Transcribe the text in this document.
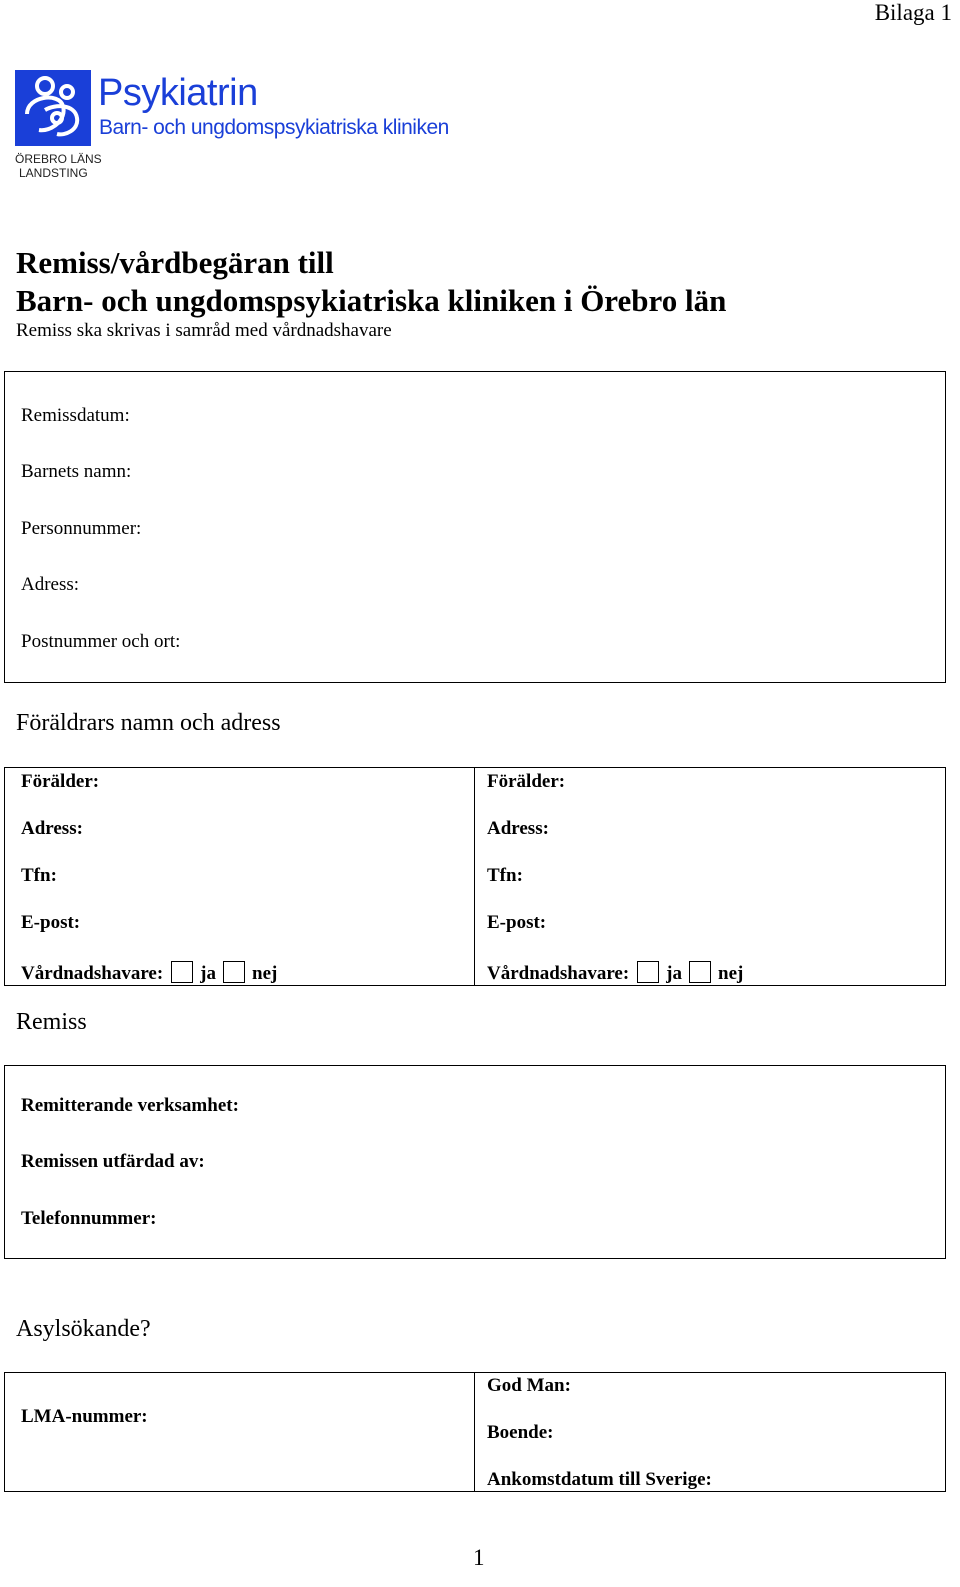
Bilaga 1
Psykiatrin
Barn- och ungdomspsykiatriska kliniken
ÖREBRO LÄNS
LANDSTING
Remiss/vårdbegäran till
Barn- och ungdomspsykiatriska kliniken i Örebro län
Remiss ska skrivas i samråd med vårdnadshavare
Remissdatum:
Barnets namn:
Personnummer:
Adress:
Postnummer och ort:
Föräldrars namn och adress
Förälder:
Adress:
Tfn:
E-post:
Vårdnadshavare: ja nej
Förälder:
Adress:
Tfn:
E-post:
Vårdnadshavare: ja nej
Remiss
Remitterande verksamhet:
Remissen utfärdad av:
Telefonnummer:
Asylsökande?
LMA-nummer:
God Man:
Boende:
Ankomstdatum till Sverige:
1
